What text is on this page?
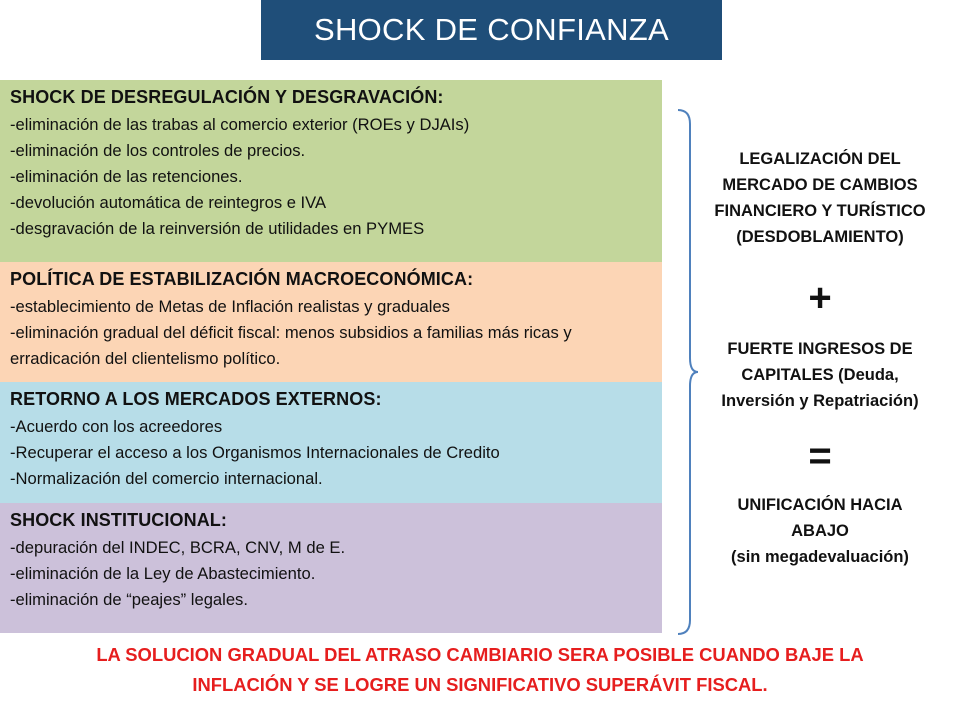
SHOCK DE CONFIANZA
SHOCK DE DESREGULACIÓN Y DESGRAVACIÓN:
-eliminación de las trabas al comercio exterior (ROEs y DJAIs)
-eliminación de los controles de precios.
-eliminación de las retenciones.
-devolución automática de reintegros e IVA
-desgravación de la reinversión de utilidades en PYMES
POLÍTICA DE ESTABILIZACIÓN MACROECONÓMICA:
-establecimiento de Metas de Inflación realistas y graduales
-eliminación gradual del déficit fiscal: menos subsidios a familias más ricas y erradicación del clientelismo político.
RETORNO A LOS MERCADOS EXTERNOS:
-Acuerdo con los acreedores
-Recuperar el acceso a los Organismos Internacionales de Credito
-Normalización del comercio internacional.
SHOCK INSTITUCIONAL:
-depuración del INDEC, BCRA, CNV, M de E.
-eliminación de la Ley de Abastecimiento.
-eliminación de “peajes” legales.
LEGALIZACIÓN DEL
MERCADO DE CAMBIOS
FINANCIERO Y TURÍSTICO
(DESDOBLAMIENTO)
+
FUERTE INGRESOS DE
CAPITALES (Deuda,
Inversión y Repatriación)
=
UNIFICACIÓN HACIA
ABAJO
(sin megadevaluación)
LA SOLUCION GRADUAL DEL ATRASO CAMBIARIO SERA POSIBLE CUANDO BAJE LA
INFLACIÓN Y SE LOGRE UN SIGNIFICATIVO SUPERÁVIT FISCAL.
